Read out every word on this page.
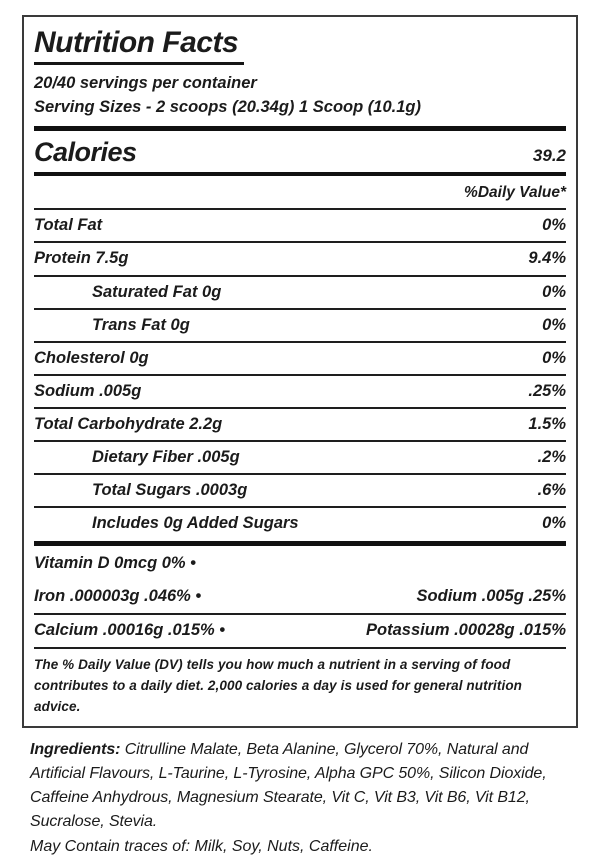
Nutrition Facts
20/40 servings per container
Serving Sizes - 2 scoops (20.34g) 1 Scoop (10.1g)
Calories	39.2
%Daily Value*
Total Fat	0%
Protein 7.5g	9.4%
Saturated Fat 0g	0%
Trans Fat 0g	0%
Cholesterol 0g	0%
Sodium .005g	.25%
Total Carbohydrate 2.2g	1.5%
Dietary Fiber .005g	.2%
Total Sugars .0003g	.6%
Includes 0g Added Sugars	0%
Vitamin D 0mcg 0% •
Iron .000003g .046% •	Sodium .005g .25%
Calcium .00016g .015% •	Potassium .00028g .015%
The % Daily Value (DV) tells you how much a nutrient in a serving of food contributes to a daily diet. 2,000 calories a day is used for general nutrition advice.

Ingredients: Citrulline Malate, Beta Alanine, Glycerol 70%, Natural and Artificial Flavours, L-Taurine, L-Tyrosine, Alpha GPC 50%, Silicon Dioxide, Caffeine Anhydrous, Magnesium Stearate, Vit C, Vit B3, Vit B6, Vit B12, Sucralose, Stevia.

May Contain traces of: Milk, Soy, Nuts, Caffeine.
